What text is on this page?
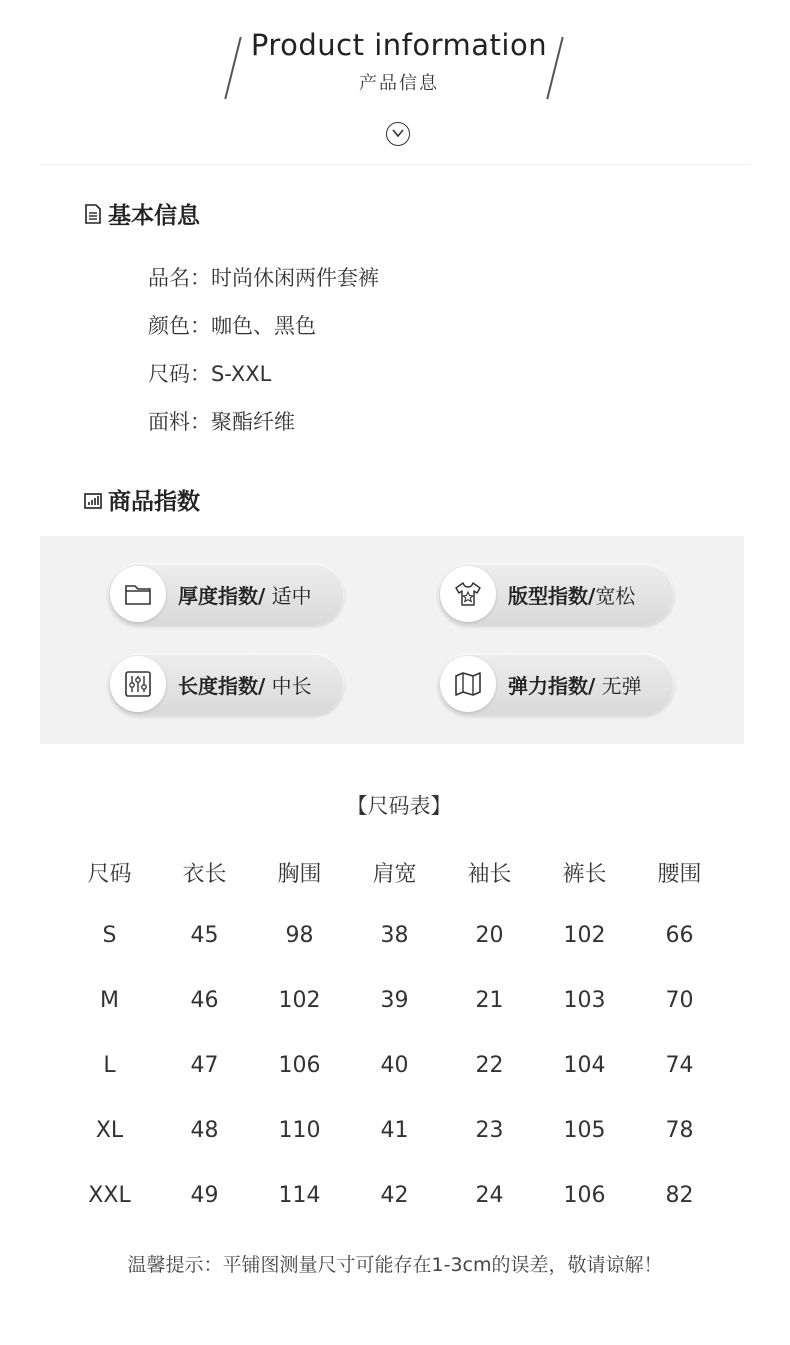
Product information
产品信息
基本信息
品名 ： 时尚休闲两件套裤
颜色 ： 咖色、黑色
尺码 ： S-XXL
面料 ： 聚酯纤维
商品指数
厚度指数/ 适中	版型指数/宽松
长度指数/ 中长	弹力指数/ 无弹
【尺码表】
尺码	衣长	胸围	肩宽	袖长	裤长	腰围
S	45	98	38	20	102	66
M	46	102	39	21	103	70
L	47	106	40	22	104	74
XL	48	110	41	23	105	78
XXL	49	114	42	24	106	82
温馨提示：平铺图测量尺寸可能存在1-3cm的误差，敬请谅解！
